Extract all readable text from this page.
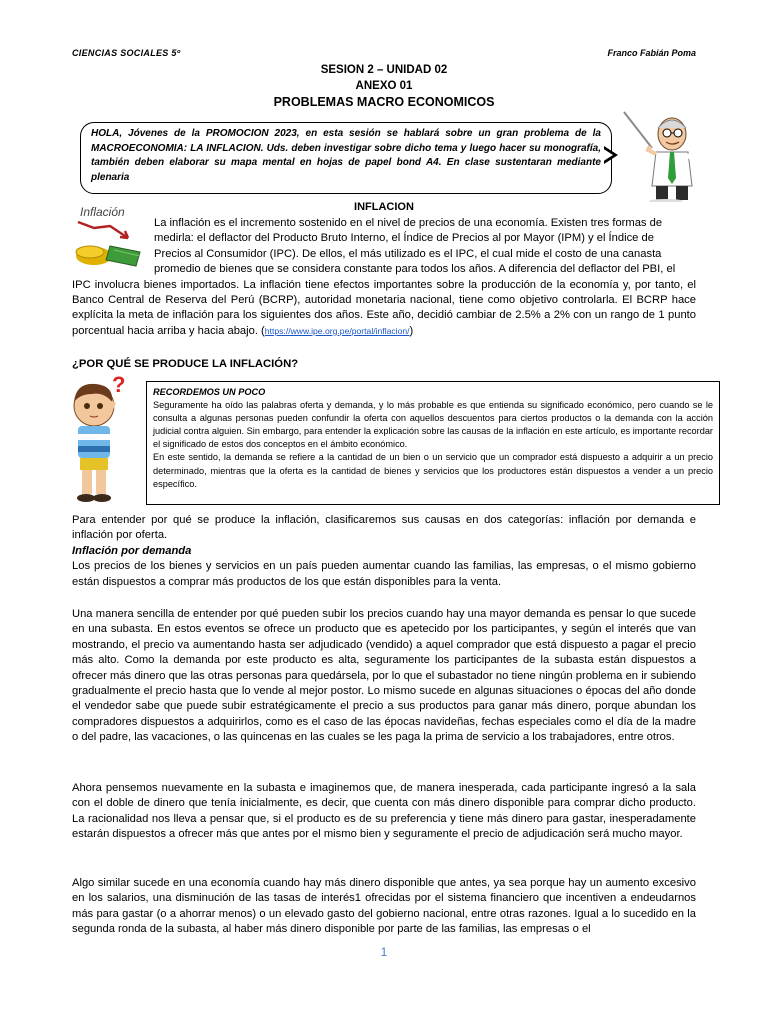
CIENCIAS SOCIALES 5º	Franco Fabián Poma
SESION 2 – UNIDAD 02
ANEXO 01
PROBLEMAS MACRO ECONOMICOS
HOLA, Jóvenes de la PROMOCION 2023, en esta sesión se hablará sobre un gran problema de la MACROECONOMIA: LA INFLACION. Uds. deben investigar sobre dicho tema y luego hacer su monografía, también deben elaborar su mapa mental en hojas de papel bond A4. En clase sustentaran mediante plenaria
INFLACION
Inflación
La inflación es el incremento sostenido en el nivel de precios de una economía. Existen tres formas de
medirla: el deflactor del Producto Bruto Interno, el Índice de Precios al por Mayor (IPM) y el Índice de
Precios al Consumidor (IPC). De ellos, el más utilizado es el IPC, el cual mide el costo de una canasta
promedio de bienes que se considera constante para todos los años. A diferencia del deflactor del PBI, el
IPC involucra bienes importados. La inflación tiene efectos importantes sobre la producción de la economía y, por tanto, el Banco Central de Reserva del Perú (BCRP), autoridad monetaria nacional, tiene como objetivo controlarla. El BCRP hace explícita la meta de inflación para los siguientes dos años. Este año, decidió cambiar de 2.5% a 2% con un rango de 1 punto porcentual hacia arriba y hacia abajo. (https://www.ipe.org.pe/portal/inflacion/)
¿POR QUÉ SE PRODUCE LA INFLACIÓN?
?	RECORDEMOS UN POCO
Seguramente ha oído las palabras oferta y demanda, y lo más probable es que entienda su significado económico, pero cuando se le consulta a algunas personas pueden confundir la oferta con aquellos descuentos para ciertos productos o la demanda con la acción judicial contra alguien. Sin embargo, para entender la explicación sobre las causas de la inflación en este artículo, es importante recordar el significado de estos dos conceptos en el ámbito económico.
En este sentido, la demanda se refiere a la cantidad de un bien o un servicio que un comprador está dispuesto a adquirir a un precio determinado, mientras que la oferta es la cantidad de bienes y servicios que los productores están dispuestos a vender a un precio específico.
Para entender por qué se produce la inflación, clasificaremos sus causas en dos categorías: inflación por demanda e inflación por oferta.
Inflación por demanda
Los precios de los bienes y servicios en un país pueden aumentar cuando las familias, las empresas, o el mismo gobierno están dispuestos a comprar más productos de los que están disponibles para la venta.
Una manera sencilla de entender por qué pueden subir los precios cuando hay una mayor demanda es pensar lo que sucede en una subasta. En estos eventos se ofrece un producto que es apetecido por los participantes, y según el interés que van mostrando, el precio va aumentando hasta ser adjudicado (vendido) a aquel comprador que está dispuesto a pagar el precio más alto. Como la demanda por este producto es alta, seguramente los participantes de la subasta están dispuestos a ofrecer más dinero que las otras personas para quedársela, por lo que el subastador no tiene ningún problema en ir subiendo gradualmente el precio hasta que lo vende al mejor postor. Lo mismo sucede en algunas situaciones o épocas del año donde el vendedor sabe que puede subir estratégicamente el precio a sus productos para ganar más dinero, porque abundan los compradores dispuestos a adquirirlos, como es el caso de las épocas navideñas, fechas especiales como el día de la madre o del padre, las vacaciones, o las quincenas en las cuales se les paga la prima de servicio a los trabajadores, entre otros.
Ahora pensemos nuevamente en la subasta e imaginemos que, de manera inesperada, cada participante ingresó a la sala con el doble de dinero que tenía inicialmente, es decir, que cuenta con más dinero disponible para comprar dicho producto. La racionalidad nos lleva a pensar que, si el producto es de su preferencia y tiene más dinero para gastar, inesperadamente estarán dispuestos a ofrecer más que antes por el mismo bien y seguramente el precio de adjudicación será mucho mayor.
Algo similar sucede en una economía cuando hay más dinero disponible que antes, ya sea porque hay un aumento excesivo en los salarios, una disminución de las tasas de interés1 ofrecidas por el sistema financiero que incentiven a endeudarnos más para gastar (o a ahorrar menos) o un elevado gasto del gobierno nacional, entre otras razones. Igual a lo sucedido en la segunda ronda de la subasta, al haber más dinero disponible por parte de las familias, las empresas o el
1
